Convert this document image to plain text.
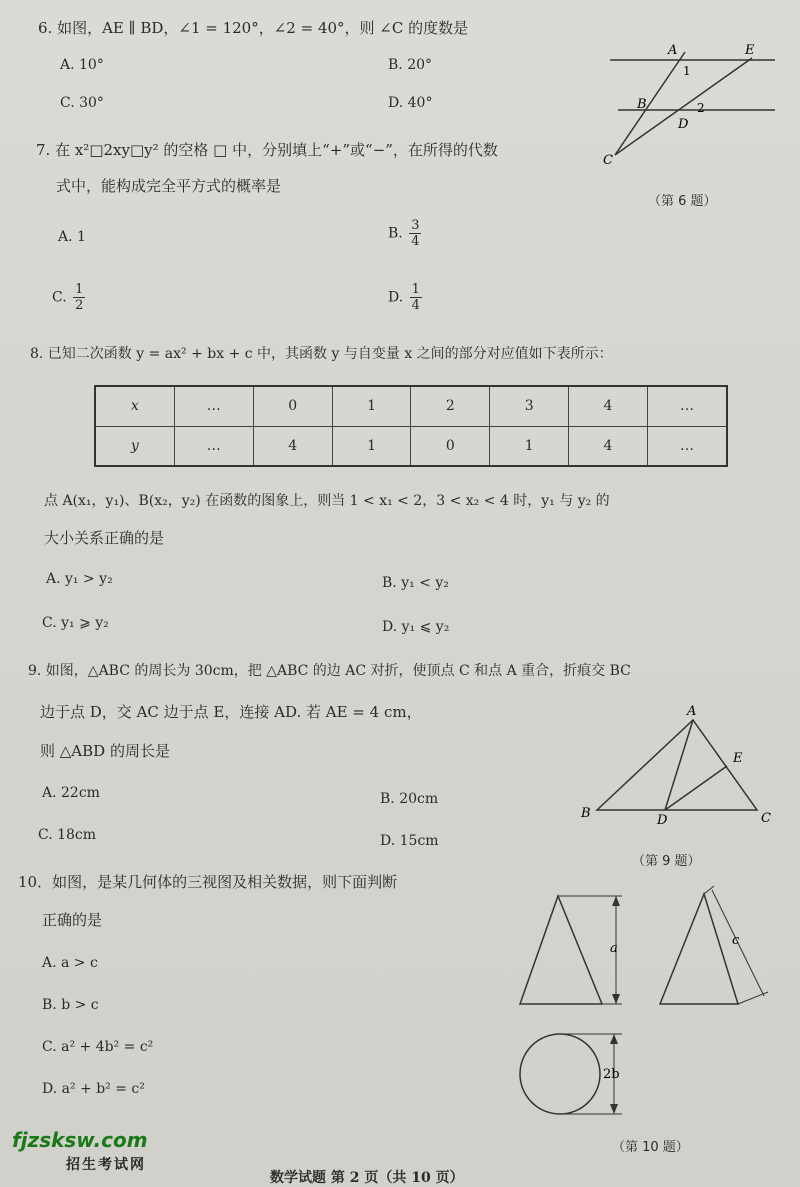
6. 如图，AE ∥ BD，∠1 = 120°，∠2 = 40°，则 ∠C 的度数是
A. 10°	B. 20°
C. 30°	D. 40°
A	E
1
B	2
D
C
（第 6 题）
7. 在 x²□2xy□y² 的空格 □ 中，分别填上“+”或“−”，在所得的代数
式中，能构成完全平方式的概率是
A. 1	B. $\frac{3}{4}$
C. $\frac{1}{2}$	D. $\frac{1}{4}$
8. 已知二次函数 y = ax² + bx + c 中，其函数 y 与自变量 x 之间的部分对应值如下表所示：
x	…	0	1	2	3	4	…
y	…	4	1	0	1	4	…
点 A(x₁，y₁)、B(x₂，y₂) 在函数的图象上，则当 1 < x₁ < 2，3 < x₂ < 4 时，y₁ 与 y₂ 的
大小关系正确的是
A. y₁ > y₂	B. y₁ < y₂
C. y₁ ⩾ y₂	D. y₁ ⩽ y₂
9. 如图，△ABC 的周长为 30cm，把 △ABC 的边 AC 对折，使顶点 C 和点 A 重合，折痕交 BC
边于点 D，交 AC 边于点 E，连接 AD. 若 AE = 4 cm，
则 △ABD 的周长是
A. 22cm	B. 20cm
C. 18cm	D. 15cm
A
E
B	D	C
（第 9 题）
10．如图，是某几何体的三视图及相关数据，则下面判断
正确的是
A. a > c
B. b > c
C. a² + 4b² = c²
D. a² + b² = c²
a
c
2b
（第 10 题）
fjzsksw.com
招生考试网
数学试题 第 2 页（共 10 页）
